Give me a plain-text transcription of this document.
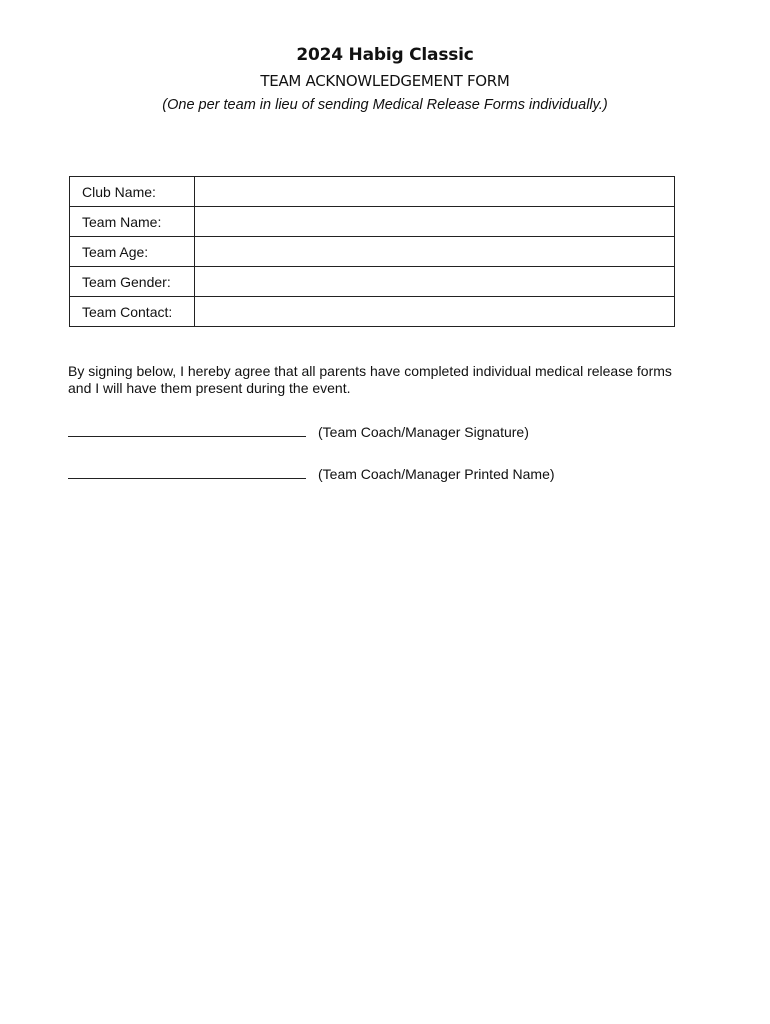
2024 Habig Classic
TEAM ACKNOWLEDGEMENT FORM
(One per team in lieu of sending Medical Release Forms individually.)
Club Name:	
Team Name:	
Team Age:	
Team Gender:	
Team Contact:	
By signing below, I hereby agree that all parents have completed individual medical release forms and I will have them present during the event.
(Team Coach/Manager Signature)
(Team Coach/Manager Printed Name)
